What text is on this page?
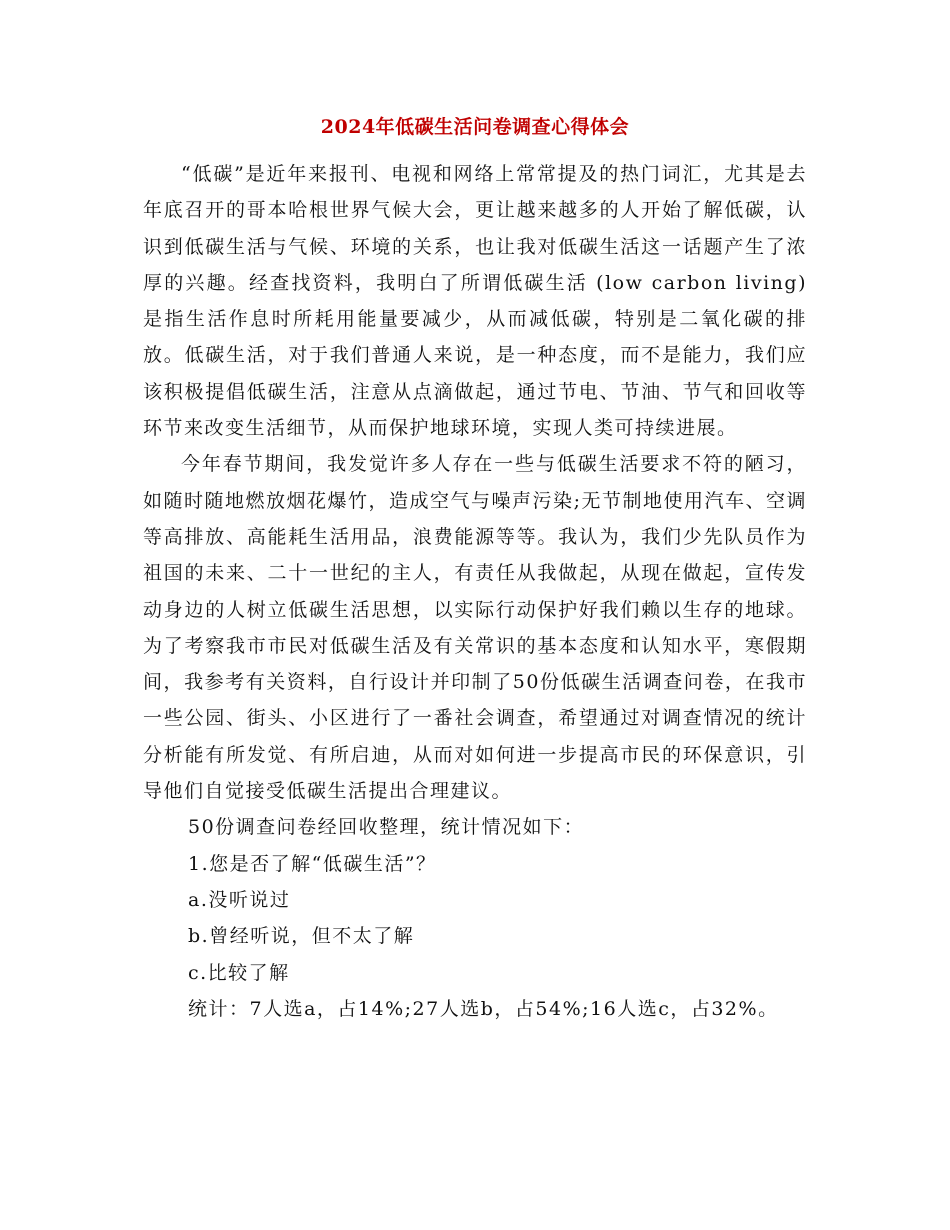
2024年低碳生活问卷调查心得体会

“低碳”是近年来报刊、电视和网络上常常提及的热门词汇，尤其是去年底召开的哥本哈根世界气候大会，更让越来越多的人开始了解低碳，认识到低碳生活与气候、环境的关系，也让我对低碳生活这一话题产生了浓厚的兴趣。经查找资料，我明白了所谓低碳生活 (low carbon living)是指生活作息时所耗用能量要减少，从而减低碳，特别是二氧化碳的排放。低碳生活，对于我们普通人来说，是一种态度，而不是能力，我们应该积极提倡低碳生活，注意从点滴做起，通过节电、节油、节气和回收等环节来改变生活细节，从而保护地球环境，实现人类可持续进展。

今年春节期间，我发觉许多人存在一些与低碳生活要求不符的陋习，如随时随地燃放烟花爆竹，造成空气与噪声污染;无节制地使用汽车、空调等高排放、高能耗生活用品，浪费能源等等。我认为，我们少先队员作为祖国的未来、二十一世纪的主人，有责任从我做起，从现在做起，宣传发动身边的人树立低碳生活思想，以实际行动保护好我们赖以生存的地球。为了考察我市市民对低碳生活及有关常识的基本态度和认知水平，寒假期间，我参考有关资料，自行设计并印制了50份低碳生活调查问卷，在我市一些公园、街头、小区进行了一番社会调查，希望通过对调查情况的统计分析能有所发觉、有所启迪，从而对如何进一步提高市民的环保意识，引导他们自觉接受低碳生活提出合理建议。

50份调查问卷经回收整理，统计情况如下：

1.您是否了解“低碳生活”？

a.没听说过

b.曾经听说，但不太了解

c.比较了解

统计：7人选a，占14%;27人选b，占54%;16人选c，占32%。
